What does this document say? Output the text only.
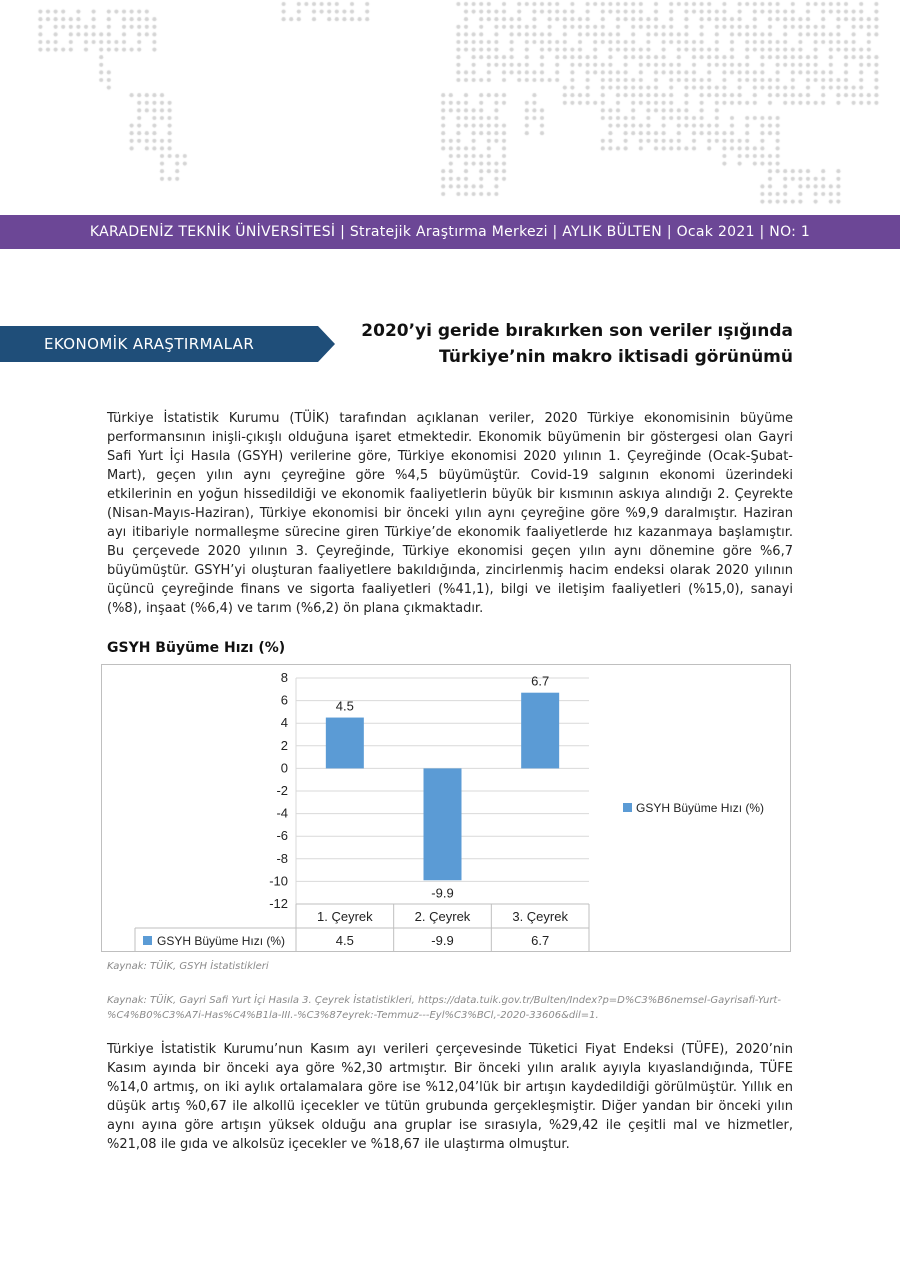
KARADENİZ TEKNİK ÜNİVERSİTESİ | Stratejik Araştırma Merkezi | AYLIK BÜLTEN | Ocak 2021 | NO: 1
EKONOMİK ARAŞTIRMALAR
2020’yi geride bırakırken son veriler ışığında
Türkiye’nin makro iktisadi görünümü
Türkiye İstatistik Kurumu (TÜİK) tarafından açıklanan veriler, 2020 Türkiye ekonomisinin büyüme performansının inişli-çıkışlı olduğuna işaret etmektedir. Ekonomik büyümenin bir göstergesi olan Gayri Safi Yurt İçi Hasıla (GSYH) verilerine göre, Türkiye ekonomisi 2020 yılının 1. Çeyreğinde (Ocak-Şubat-Mart), geçen yılın aynı çeyreğine göre %4,5 büyümüştür. Covid-19 salgının ekonomi üzerindeki etkilerinin en yoğun hissedildiği ve ekonomik faaliyetlerin büyük bir kısmının askıya alındığı 2. Çeyrekte (Nisan-Mayıs-Haziran), Türkiye ekonomisi bir önceki yılın aynı çeyreğine göre %9,9 daralmıştır. Haziran ayı itibariyle normalleşme sürecine giren Türkiye’de ekonomik faaliyetlerde hız kazanmaya başlamıştır. Bu çerçevede 2020 yılının 3. Çeyreğinde, Türkiye ekonomisi geçen yılın aynı dönemine göre %6,7 büyümüştür. GSYH’yi oluşturan faaliyetlere bakıldığında, zincirlenmiş hacim endeksi olarak 2020 yılının üçüncü çeyreğinde finans ve sigorta faaliyetleri (%41,1), bilgi ve iletişim faaliyetleri (%15,0), sanayi (%8), inşaat (%6,4) ve tarım (%6,2) ön plana çıkmaktadır.
GSYH Büyüme Hızı (%)
8
6
4
2
0
-2
-4
-6
-8
-10
-12
4.5
-9.9
6.7
1. Çeyrek	2. Çeyrek	3. Çeyrek
GSYH Büyüme Hızı (%)	4.5	-9.9	6.7
GSYH Büyüme Hızı (%)
Kaynak: TÜİK, GSYH İstatistikleri
Kaynak: TÜİK, Gayri Safi Yurt İçi Hasıla 3. Çeyrek İstatistikleri, https://data.tuik.gov.tr/Bulten/Index?p=D%C3%B6nemsel-Gayrisafi-Yurt-%C4%B0%C3%A7i-Has%C4%B1la-III.-%C3%87eyrek:-Temmuz---Eyl%C3%BCl,-2020-33606&dil=1.
Türkiye İstatistik Kurumu’nun Kasım ayı verileri çerçevesinde Tüketici Fiyat Endeksi (TÜFE), 2020’nin Kasım ayında bir önceki aya göre %2,30 artmıştır. Bir önceki yılın aralık ayıyla kıyaslandığında, TÜFE %14,0 artmış, on iki aylık ortalamalara göre ise %12,04’lük bir artışın kaydedildiği görülmüştür. Yıllık en düşük artış %0,67 ile alkollü içecekler ve tütün grubunda gerçekleşmiştir. Diğer yandan bir önceki yılın aynı ayına göre artışın yüksek olduğu ana gruplar ise sırasıyla, %29,42 ile çeşitli mal ve hizmetler, %21,08 ile gıda ve alkolsüz içecekler ve %18,67 ile ulaştırma olmuştur.
